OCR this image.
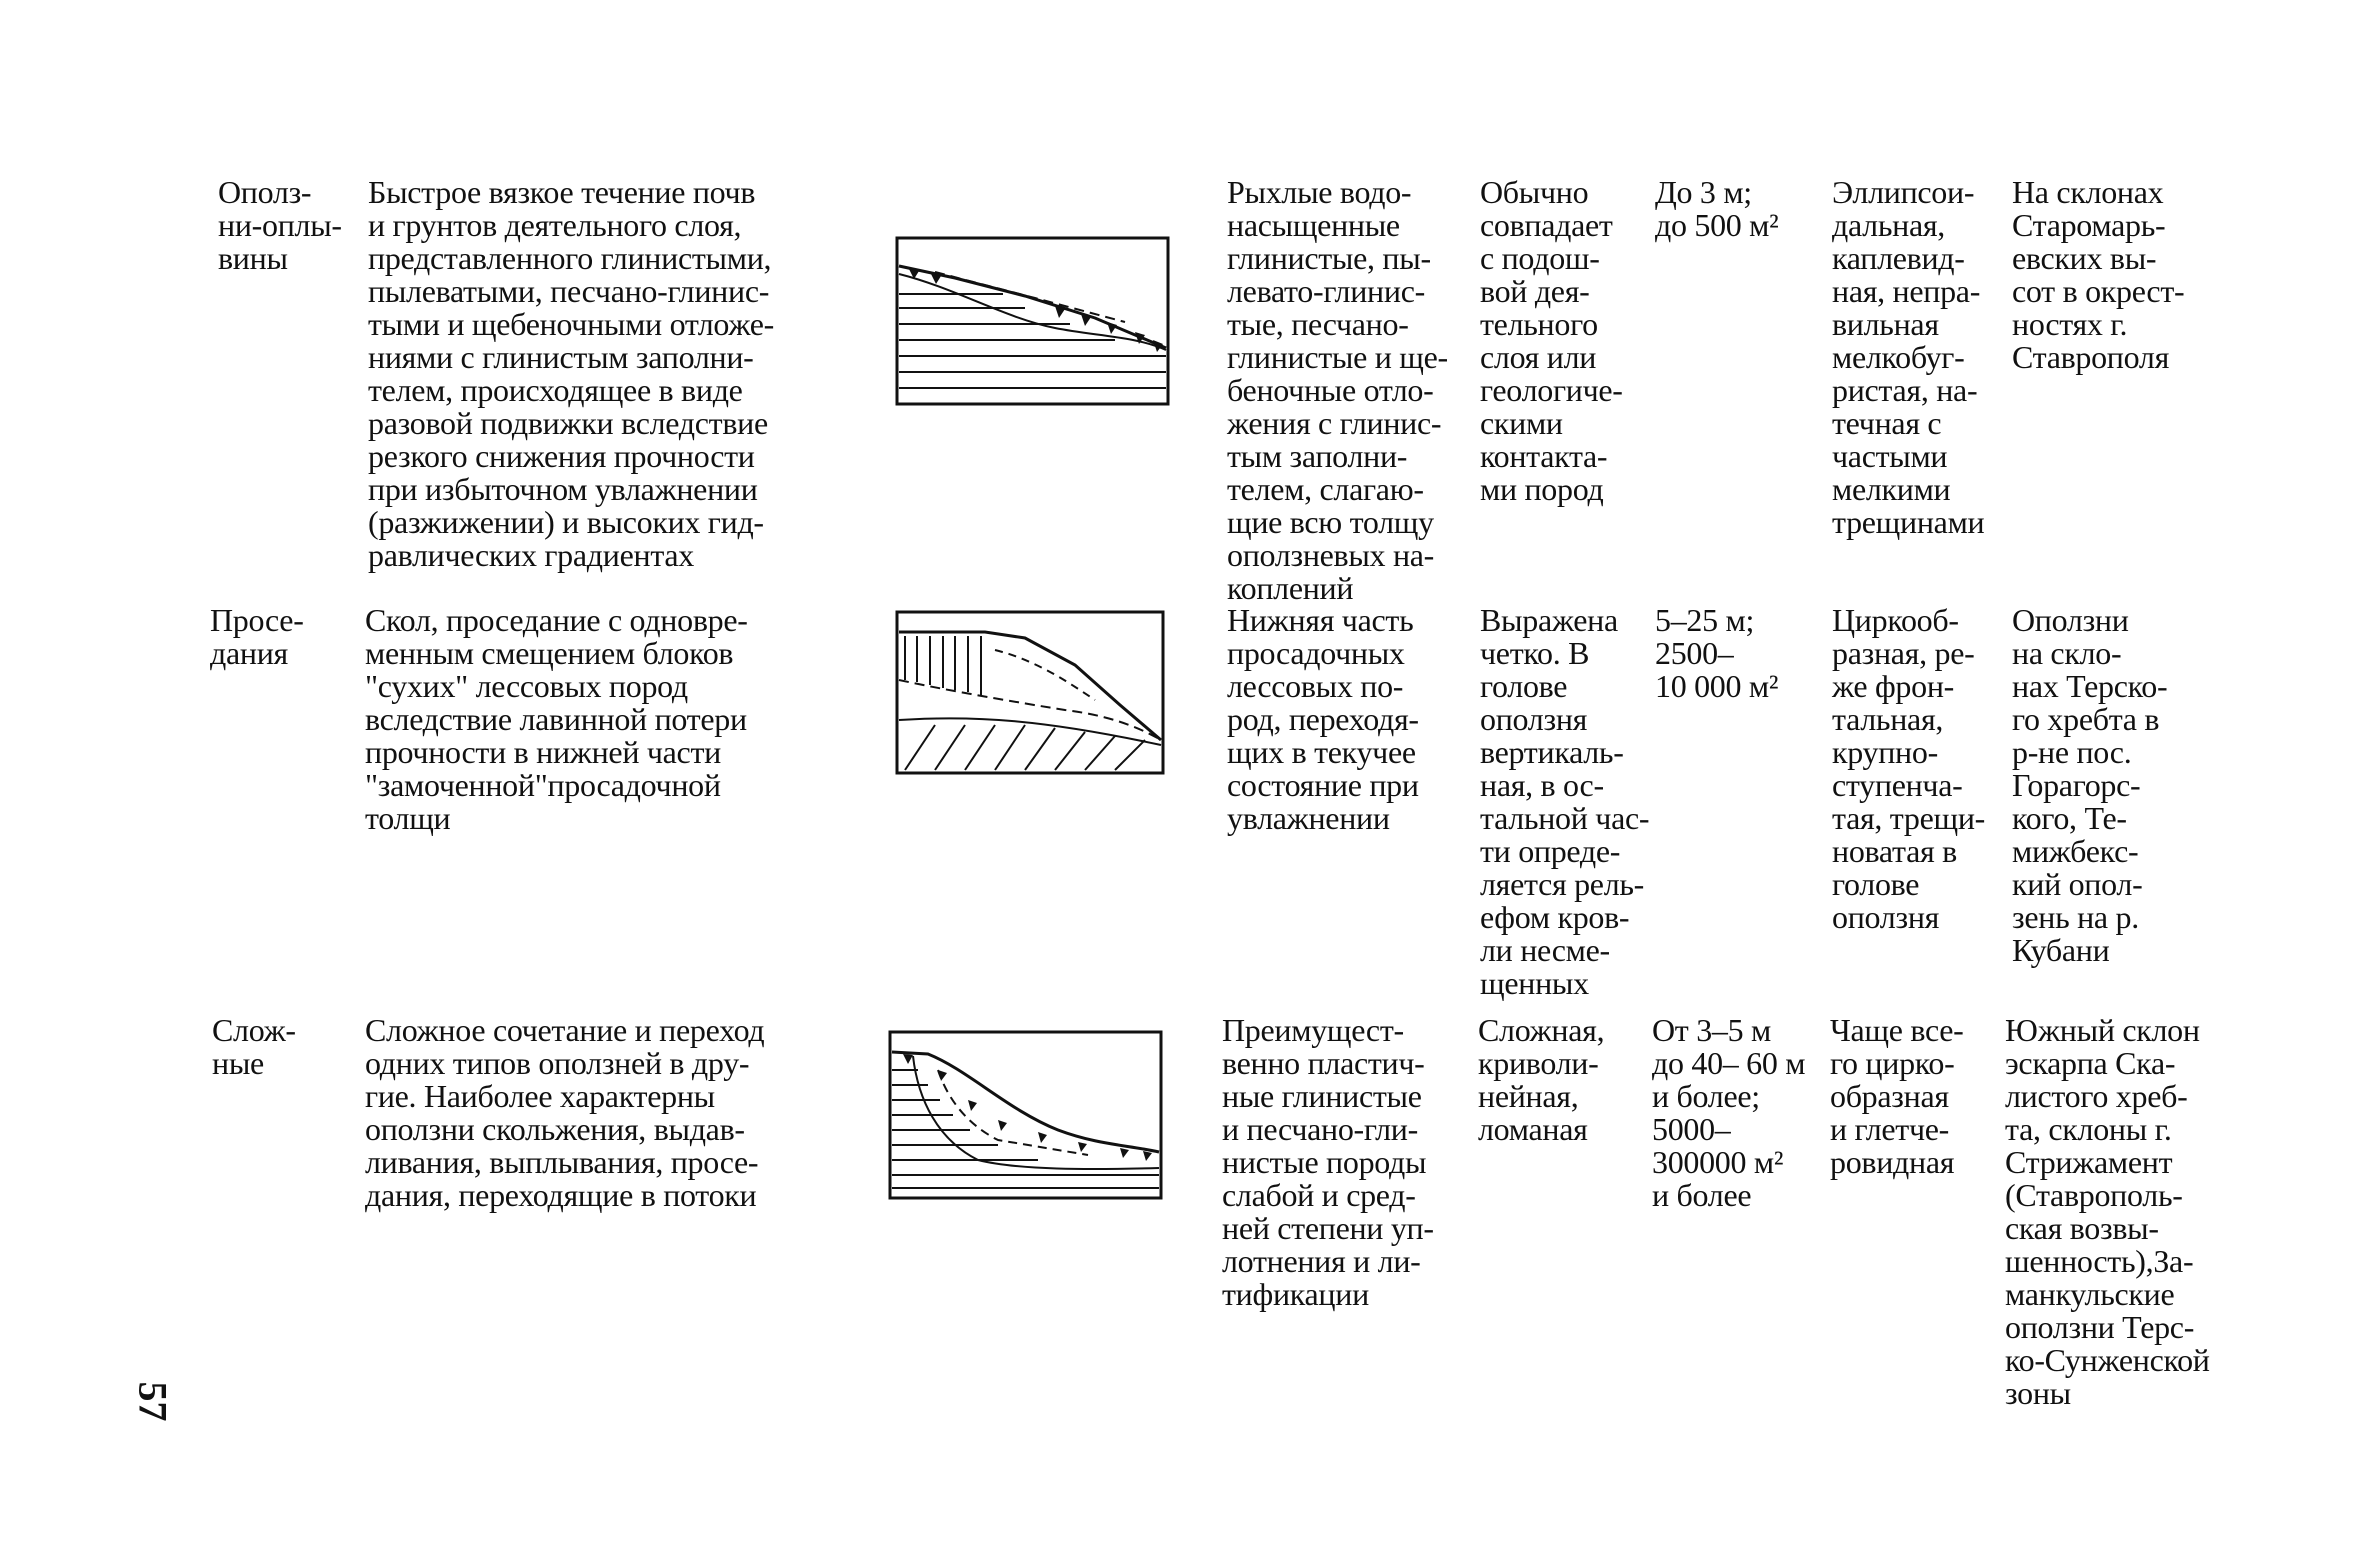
Ополз-
ни-оплы-
вины
Быстрое вязкое течение почв
и грунтов деятельного слоя,
представленного глинистыми,
пылеватыми, песчано-глинис-
тыми и щебеночными отложе-
ниями с глинистым заполни-
телем, происходящее в виде
разовой подвижки вследствие
резкого снижения прочности
при избыточном увлажнении
(разжижении) и высоких гид-
равлических градиентах
Рыхлые водо-
насыщенные
глинистые, пы-
левато-глинис-
тые, песчано-
глинистые и ще-
беночные отло-
жения с глинис-
тым заполни-
телем, слагаю-
щие всю толщу
оползневых на-
коплений
Обычно
совпадает
с подош-
вой дея-
тельного
слоя или
геологиче-
скими
контакта-
ми пород
До 3 м;
до 500 м²
Эллипсои-
дальная,
каплевид-
ная, непра-
вильная
мелкобуг-
ристая, на-
течная с
частыми
мелкими
трещинами
На склонах
Старомарь-
евских вы-
сот в окрест-
ностях г.
Ставрополя
Просе-
дания
Скол, проседание с одновре-
менным смещением блоков
"сухих" лессовых пород
вследствие лавинной потери
прочности в нижней части
"замоченной"просадочной
толщи
Нижняя часть
просадочных
лессовых по-
род, переходя-
щих в текучее
состояние при
увлажнении
Выражена
четко. В
голове
оползня
вертикаль-
ная, в ос-
тальной час-
ти опреде-
ляется рель-
ефом кров-
ли несме-
щенных
5–25 м;
2500–
10 000 м²
Циркооб-
разная, ре-
же фрон-
тальная,
крупно-
ступенча-
тая, трещи-
новатая в
голове
оползня
Оползни
на скло-
нах Терско-
го хребта в
р-не пос.
Горагорс-
кого, Те-
мижбекс-
кий опол-
зень на р.
Кубани
Слож-
ные
Сложное сочетание и переход
одних типов оползней в дру-
гие. Наиболее характерны
оползни скольжения, выдав-
ливания, выплывания, просе-
дания, переходящие в потоки
Преимущест-
венно пластич-
ные глинистые
и песчано-гли-
нистые породы
слабой и сред-
ней степени уп-
лотнения и ли-
тификации
Сложная,
криволи-
нейная,
ломаная
От 3–5 м
до 40– 60 м
и более;
5000–
300000 м²
и более
Чаще все-
го цирко-
образная
и глетче-
ровидная
Южный склон
эскарпа Ска-
листого хреб-
та, склоны г.
Стрижамент
(Ставрополь-
ская возвы-
шенность),За-
манкульские
оползни Терс-
ко-Сунженской
зоны
57
